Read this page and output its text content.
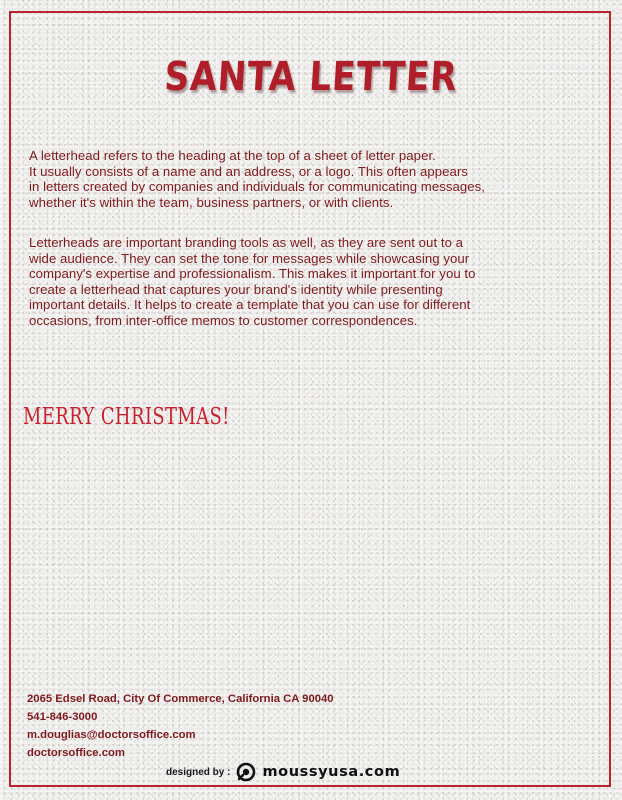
SANTA LETTER
A letterhead refers to the heading at the top of a sheet of letter paper.
It usually consists of a name and an address, or a logo. This often appears
in letters created by companies and individuals for communicating messages,
whether it's within the team, business partners, or with clients.
Letterheads are important branding tools as well, as they are sent out to a
wide audience. They can set the tone for messages while showcasing your
company's expertise and professionalism. This makes it important for you to
create a letterhead that captures your brand's identity while presenting
important details. It helps to create a template that you can use for different
occasions, from inter-office memos to customer correspondences.
MERRY CHRISTMAS!
2065 Edsel Road, City Of Commerce, California CA 90040
541-846-3000
m.douglias@doctorsoffice.com
doctorsoffice.com
designed by : moussyusa.com
